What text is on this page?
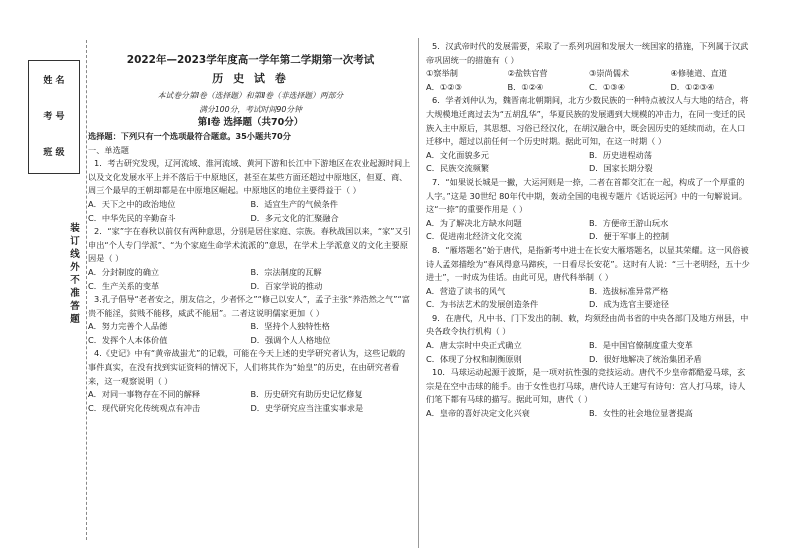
姓 名
考 号
班 级
装
订
线
外
不
准
答
题

2022年—2023学年度高一学年第二学期第一次考试

历 史 试 卷

本试卷分第Ⅰ卷（选择题）和第Ⅱ卷（非选择题）两部分

满分100分，考试时间90分钟

第Ⅰ卷 选择题（共70分）

选择题：下列只有一个选项最符合题意。35小题共70分

一、单选题

1．考古研究发现，辽河流域、淮河流域、黄河下游和长江中下游地区在农业起源时间上以及文化发展水平上并不落后于中原地区，甚至在某些方面还超过中原地区，但夏、商、周三个最早的王朝却都是在中原地区崛起。中原地区的地位主要得益于（ ）

A．天下之中的政治地位	B．适宜生产的气候条件
C．中华先民的辛勤奋斗	D．多元文化的汇聚融合

2．“家”字在春秋以前仅有两种意思，分别是居住家庭、宗族。春秋战国以来，“家”又引申出“个人专门学派”、“为个家庭生命学术流派的”意思，在学术上学派意义的文化主要原因是（ ）

A．分封制度的确立	B．宗法制度的瓦解
C．生产关系的变革	D．百家学说的推动

3.孔子倡导“老者安之，朋友信之，少者怀之”“修己以安人”，孟子主张“养浩然之气”“富贵不能淫，贫贱不能移，威武不能屈”。二者这说明儒家更加（ ）

A．努力完善个人品德	B．坚持个人独特性格
C．发挥个人本体价值	D．强调个人人格地位

4.《史记》中有“黄帝战蚩尤”的记载，可能在今天上述的史学研究者认为，这些记载的事件真实，在没有找到实证资料的情况下，人们将其作为“始皇”的历史，在由研究者看来，这一观察说明（ ）

A．对同一事物存在不同的解释	B．历史研究有助历史记忆修复
C．现代研究化传统观点有冲击	D．史学研究应当注重实事求是

5．汉武帝时代的发展需要，采取了一系列巩固和发展大一统国家的措施，下列属于汉武帝巩固统一的措施有（ ）

①察举制	②盐铁官营	③崇尚儒术	④修驰道、直道
A．①②③	B．①②④	C．①③④	D．①②③④

6．学者刘仲认为，魏晋南北朝期间，北方少数民族的一种特点被汉人与大地的结合，将大规模地迁离过去为“五胡乱华”，华夏民族的发展遇到大规模的冲击力，在同一变迁的民族入主中原后，其思想、习俗已经汉化，在胡汉融合中，既会因历史的延续而动，在人口迁移中，超过以前任何一个历史时期。据此可知，在这一时期（ ）

A．文化面貌多元	B．历史进程动荡
C．民族交流频繁	D．国家长期分裂

7．“如果说长城是一撇，大运河则是一捺，二者在首都交汇在一起，构成了一个厚重的人字。”这是 30世纪 80年代中期，轰动全国的电视专题片《话说运河》中的一句解说词。这“一捺”的重要作用是（ ）

A．为了解决北方缺水问题	B．方便帝王游山玩水
C．促进南北经济文化交流	D．便于军事上的控制

8．“雁塔题名”始于唐代，是指新考中进士在长安大雁塔题名，以显其荣耀。这一风俗被诗人孟郊描绘为“春风得意马蹄疾，一日看尽长安花”。这时有人说：“三十老明经，五十少进士”，一时成为佳话。由此可见，唐代科举制（ ）

A．营造了读书的风气	B．选拔标准异常严格
C．为书法艺术的发展创造条件	D．成为选官主要途径

9．在唐代，凡中书、门下发出的制、敕，均须经由尚书省的中央各部门及地方州县，中央各政令执行机构（ ）

A．唐太宗时中央正式确立	B．是中国官僚制度重大变革
C．体现了分权和制衡原则	D．很好地解决了统治集团矛盾

10．马球运动起源于波斯，是一项对抗性强的竞技运动。唐代不少皇帝都酷爱马球，玄宗是在空中击球的能手。由于女性也打马球，唐代诗人王建写有诗句：宫人打马球，诗人们笔下都有马球的描写。据此可知，唐代（ ）

A．皇帝的喜好决定文化兴衰	B．女性的社会地位显著提高
